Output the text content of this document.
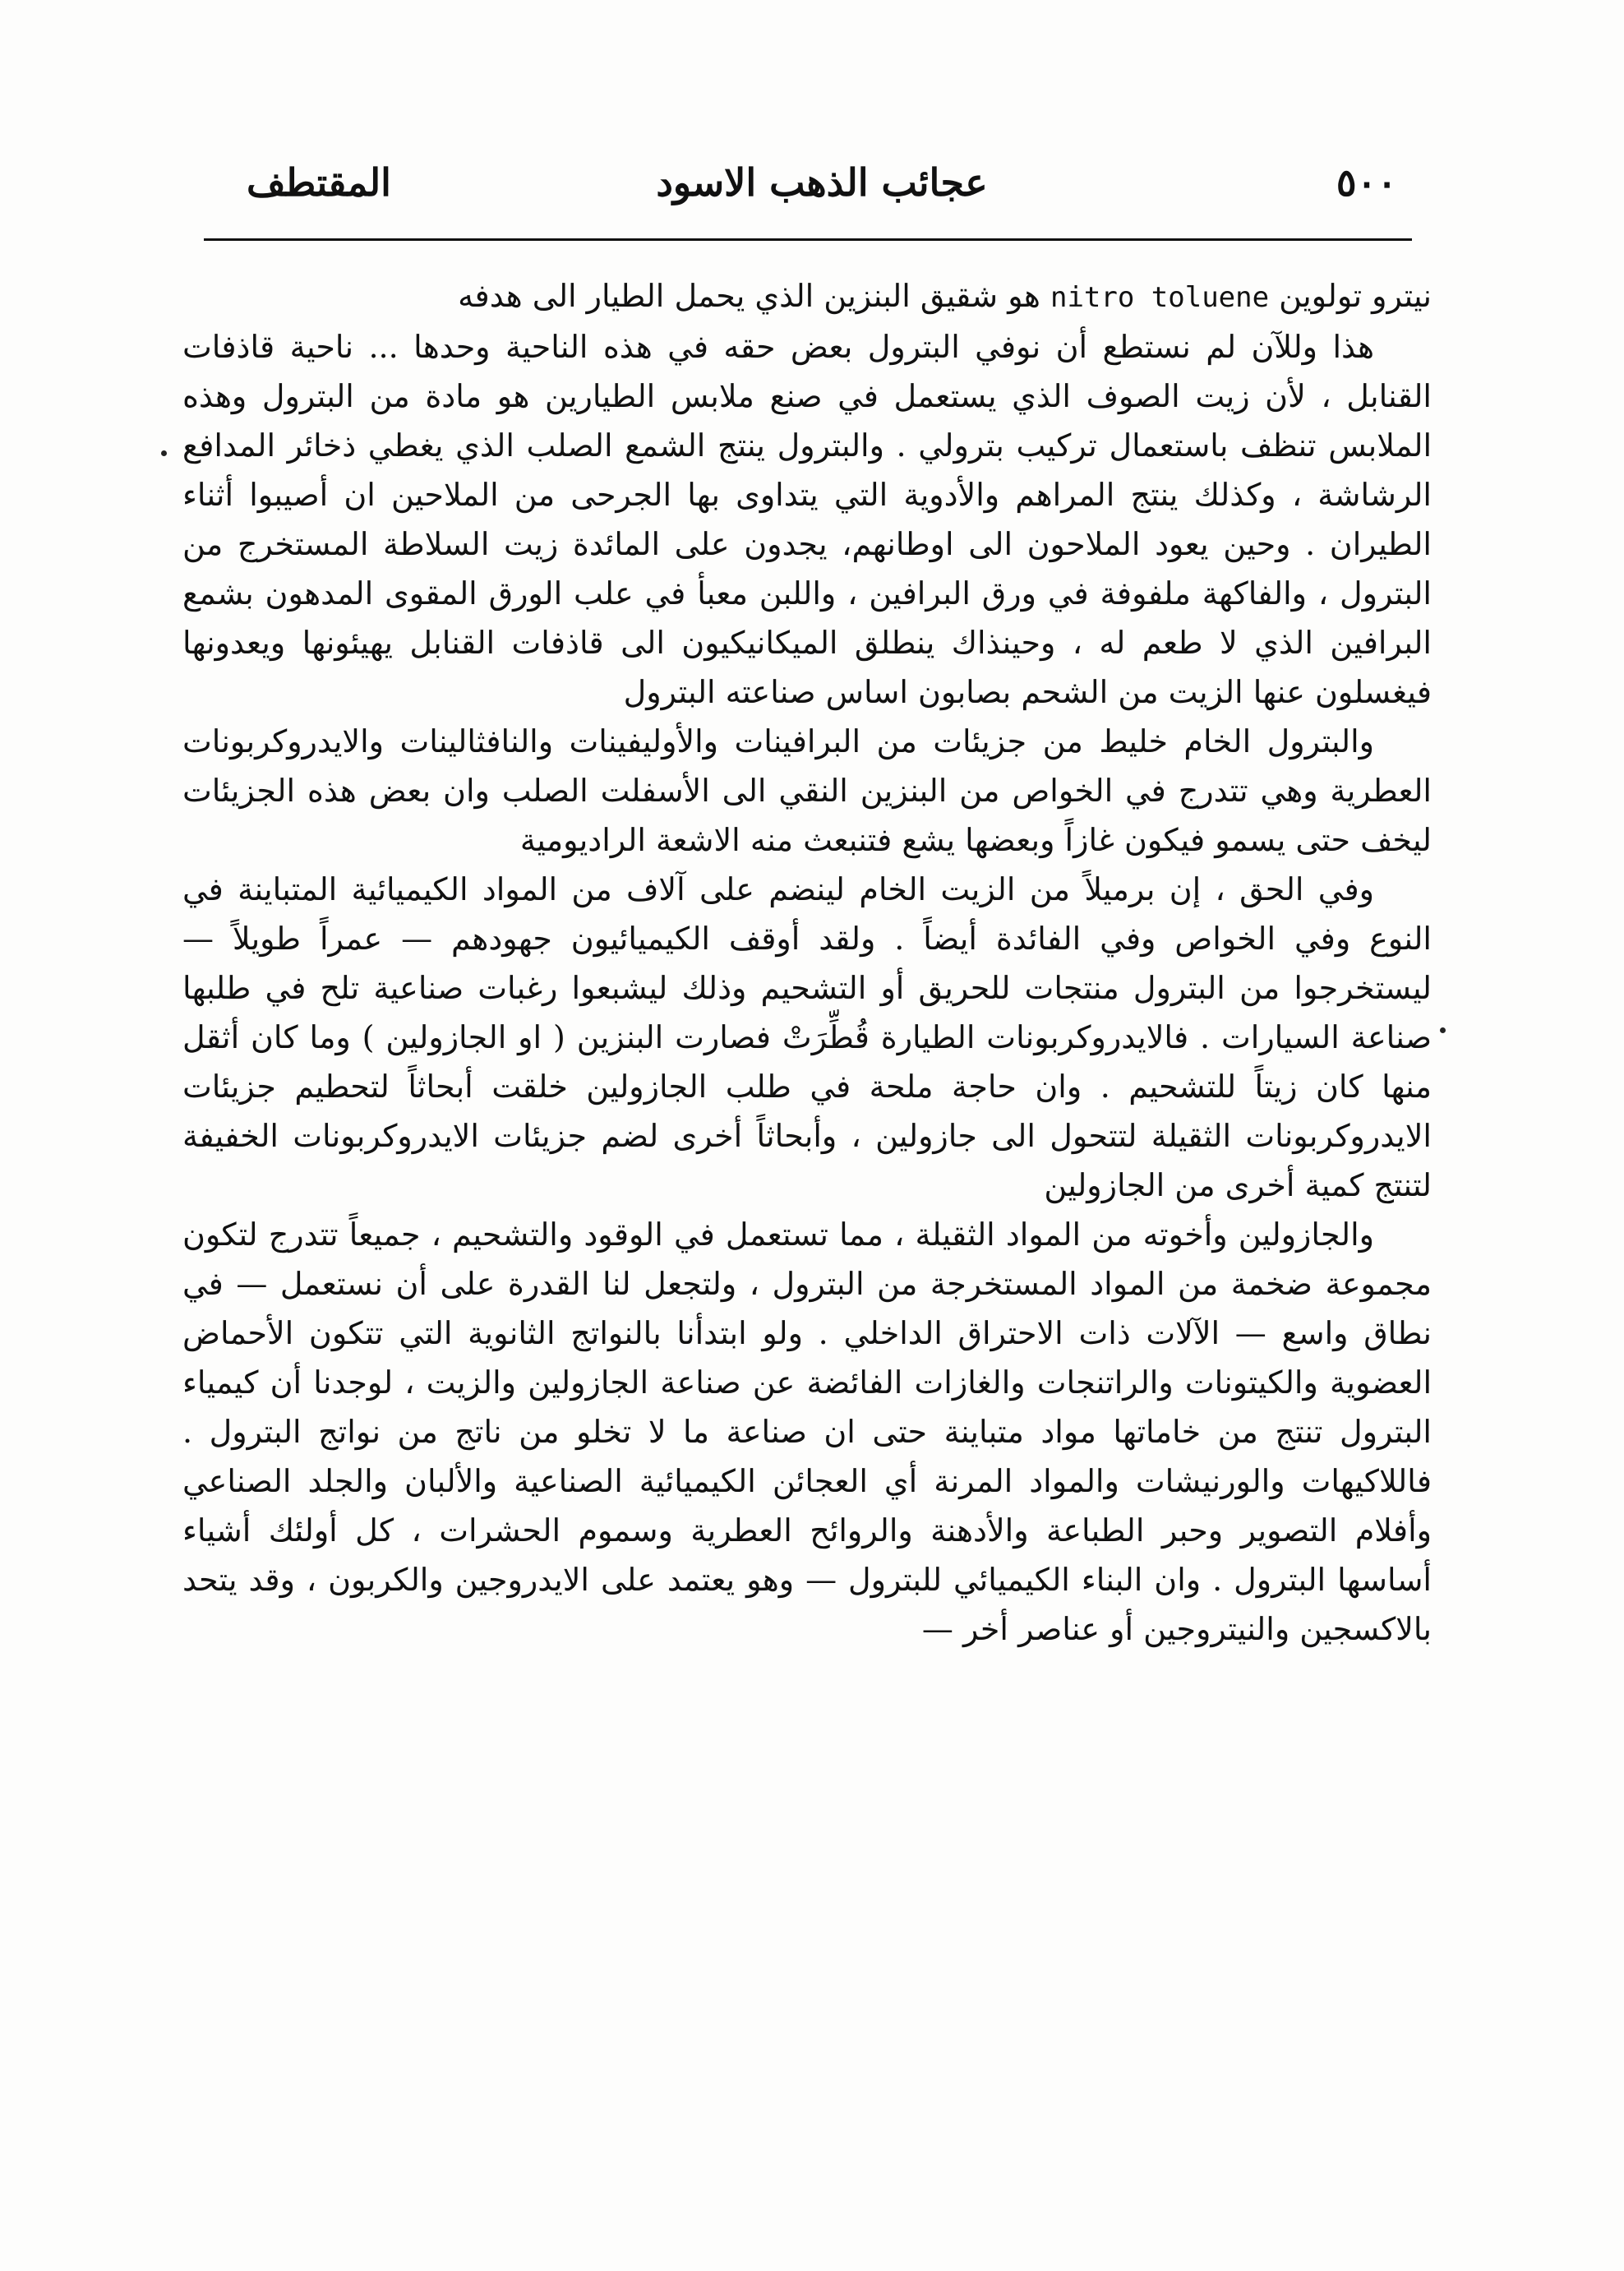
٥٠٠
عجائب الذهب الاسود
المقتطف

نيترو تولوين nitro toluene هو شقيق البنزين الذي يحمل الطيار الى هدفه

هذا وللآن لم نستطع أن نوفي البترول بعض حقه في هذه الناحية وحدها ... ناحية قاذفات القنابل ، لأن زيت الصوف الذي يستعمل في صنع ملابس الطيارين هو مادة من البترول وهذه الملابس تنظف باستعمال تركيب بترولي . والبترول ينتج الشمع الصلب الذي يغطي ذخائر المدافع الرشاشة ، وكذلك ينتج المراهم والأدوية التي يتداوى بها الجرحى من الملاحين ان أصيبوا أثناء الطيران . وحين يعود الملاحون الى اوطانهم، يجدون على المائدة زيت السلاطة المستخرج من البترول ، والفاكهة ملفوفة في ورق البرافين ، واللبن معبأ في علب الورق المقوى المدهون بشمع البرافين الذي لا طعم له ، وحينذاك ينطلق الميكانيكيون الى قاذفات القنابل يهيئونها ويعدونها فيغسلون عنها الزيت من الشحم بصابون اساس صناعته البترول

والبترول الخام خليط من جزيئات من البرافينات والأوليفينات والنافثالينات والايدروكربونات العطرية وهي تتدرج في الخواص من البنزين النقي الى الأسفلت الصلب وان بعض هذه الجزيئات ليخف حتى يسمو فيكون غازاً وبعضها يشع فتنبعث منه الاشعة الراديومية

وفي الحق ، إن برميلاً من الزيت الخام لينضم على آلاف من المواد الكيميائية المتباينة في النوع وفي الخواص وفي الفائدة أيضاً . ولقد أوقف الكيميائيون جهودهم — عمراً طويلاً — ليستخرجوا من البترول منتجات للحريق أو التشحيم وذلك ليشبعوا رغبات صناعية تلح في طلبها صناعة السيارات . فالايدروكربونات الطيارة قُطِّرَتْ فصارت البنزين ( او الجازولين ) وما كان أثقل منها كان زيتاً للتشحيم . وان حاجة ملحة في طلب الجازولين خلقت أبحاثاً لتحطيم جزيئات الايدروكربونات الثقيلة لتتحول الى جازولين ، وأبحاثاً أخرى لضم جزيئات الايدروكربونات الخفيفة لتنتج كمية أخرى من الجازولين

والجازولين وأخوته من المواد الثقيلة ، مما تستعمل في الوقود والتشحيم ، جميعاً تتدرج لتكون مجموعة ضخمة من المواد المستخرجة من البترول ، ولتجعل لنا القدرة على أن نستعمل — في نطاق واسع — الآلات ذات الاحتراق الداخلي . ولو ابتدأنا بالنواتج الثانوية التي تتكون الأحماض العضوية والكيتونات والراتنجات والغازات الفائضة عن صناعة الجازولين والزيت ، لوجدنا أن كيمياء البترول تنتج من خاماتها مواد متباينة حتى ان صناعة ما لا تخلو من ناتج من نواتج البترول . فاللاكيهات والورنيشات والمواد المرنة أي العجائن الكيميائية الصناعية والألبان والجلد الصناعي وأفلام التصوير وحبر الطباعة والأدهنة والروائح العطرية وسموم الحشرات ، كل أولئك أشياء أساسها البترول . وان البناء الكيميائي للبترول — وهو يعتمد على الايدروجين والكربون ، وقد يتحد بالاكسجين والنيتروجين أو عناصر أخر —
